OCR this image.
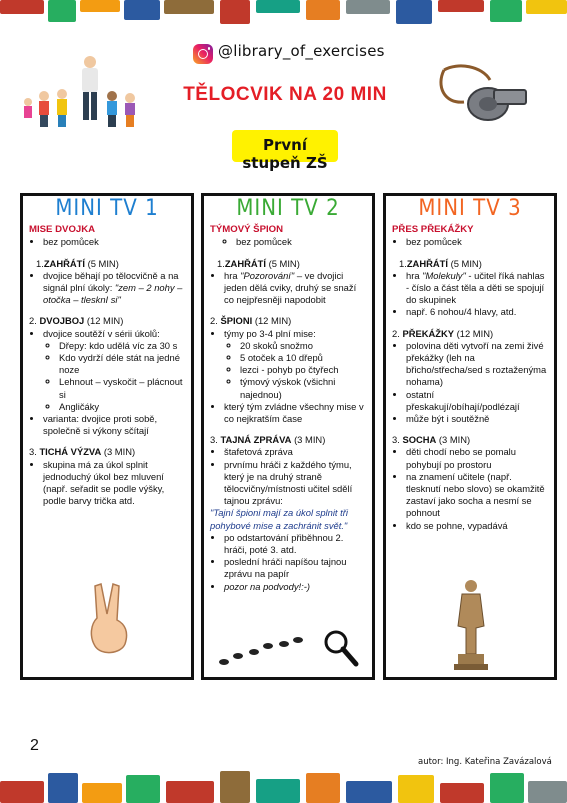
@library_of_exercises
TĚLOCVIK NA 20 MIN
První stupeň ZŠ
MINI TV 1
MISE DVOJKA
• bez pomůcek
1.ZAHŘÁTÍ (5 MIN)
• dvojice běhají po tělocvičně a na signál plní úkoly: "zem – 2 nohy – otočka – tlesknI si"
2. DVOJBOJ (12 MIN)
• dvojice soutěží v sérii úkolů:
◦ Dřepy: kdo udělá víc za 30 s
◦ Kdo vydrží déle stát na jedné noze
◦ Lehnout – vyskočit – plácnout si
◦ Angličáky
• varianta: dvojice proti sobě, společně si výkony sčítají
3. TICHÁ VÝZVA (3 MIN)
• skupina má za úkol splnit jednoduchý úkol bez mluvení (např. seřadit se podle výšky, podle barvy trička atd.
MINI TV 2
TÝMOVÝ ŠPION
◦ bez pomůcek
1.ZAHŘÁTÍ (5 MIN)
• hra "Pozorování" – ve dvojici jeden dělá cviky, druhý se snaží co nejpřesněji napodobit
2. ŠPIONI (12 MIN)
• týmy po 3-4 plní mise:
◦ 20 skoků snožmo
◦ 5 otoček a 10 dřepů
◦ lezci - pohyb po čtyřech
◦ týmový výskok (všichni najednou)
• který tým zvládne všechny mise v co nejkratším čase
3. TAJNÁ ZPRÁVA (3 MIN)
• štafetová zpráva
• prvnímu hráči z každého týmu, který je na druhý straně tělocvičny/místnosti učitel sdělí tajnou zprávu:
"Tajní špioni mají za úkol splnit tři pohybové mise a zachránit svět."
• po odstartování přiběhnou 2. hráči, poté 3. atd.
• poslední hráči napíšou tajnou zprávu na papír
• pozor na podvody!:-)
MINI TV 3
PŘES PŘEKÁŽKY
• bez pomůcek
1.ZAHŘÁTÍ (5 MIN)
• hra "Molekuly" - učitel říká nahlas - číslo a část těla a děti se spojují do skupinek
• např. 6 nohou/4 hlavy, atd.
2. PŘEKÁŽKY (12 MIN)
• polovina děti vytvoří na zemi živé překážky (leh na břicho/střecha/sed s roztaženýma nohama)
• ostatní přeskakují/obíhají/podlézají
• může být i soutěžně
3. SOCHA (3 MIN)
• děti chodí nebo se pomalu pohybují po prostoru
• na znamení učitele (např. tlesknutí nebo slovo) se okamžitě zastaví jako socha a nesmí se pohnout
• kdo se pohne, vypadává
2
autor: Ing. Kateřina Zavázalová
